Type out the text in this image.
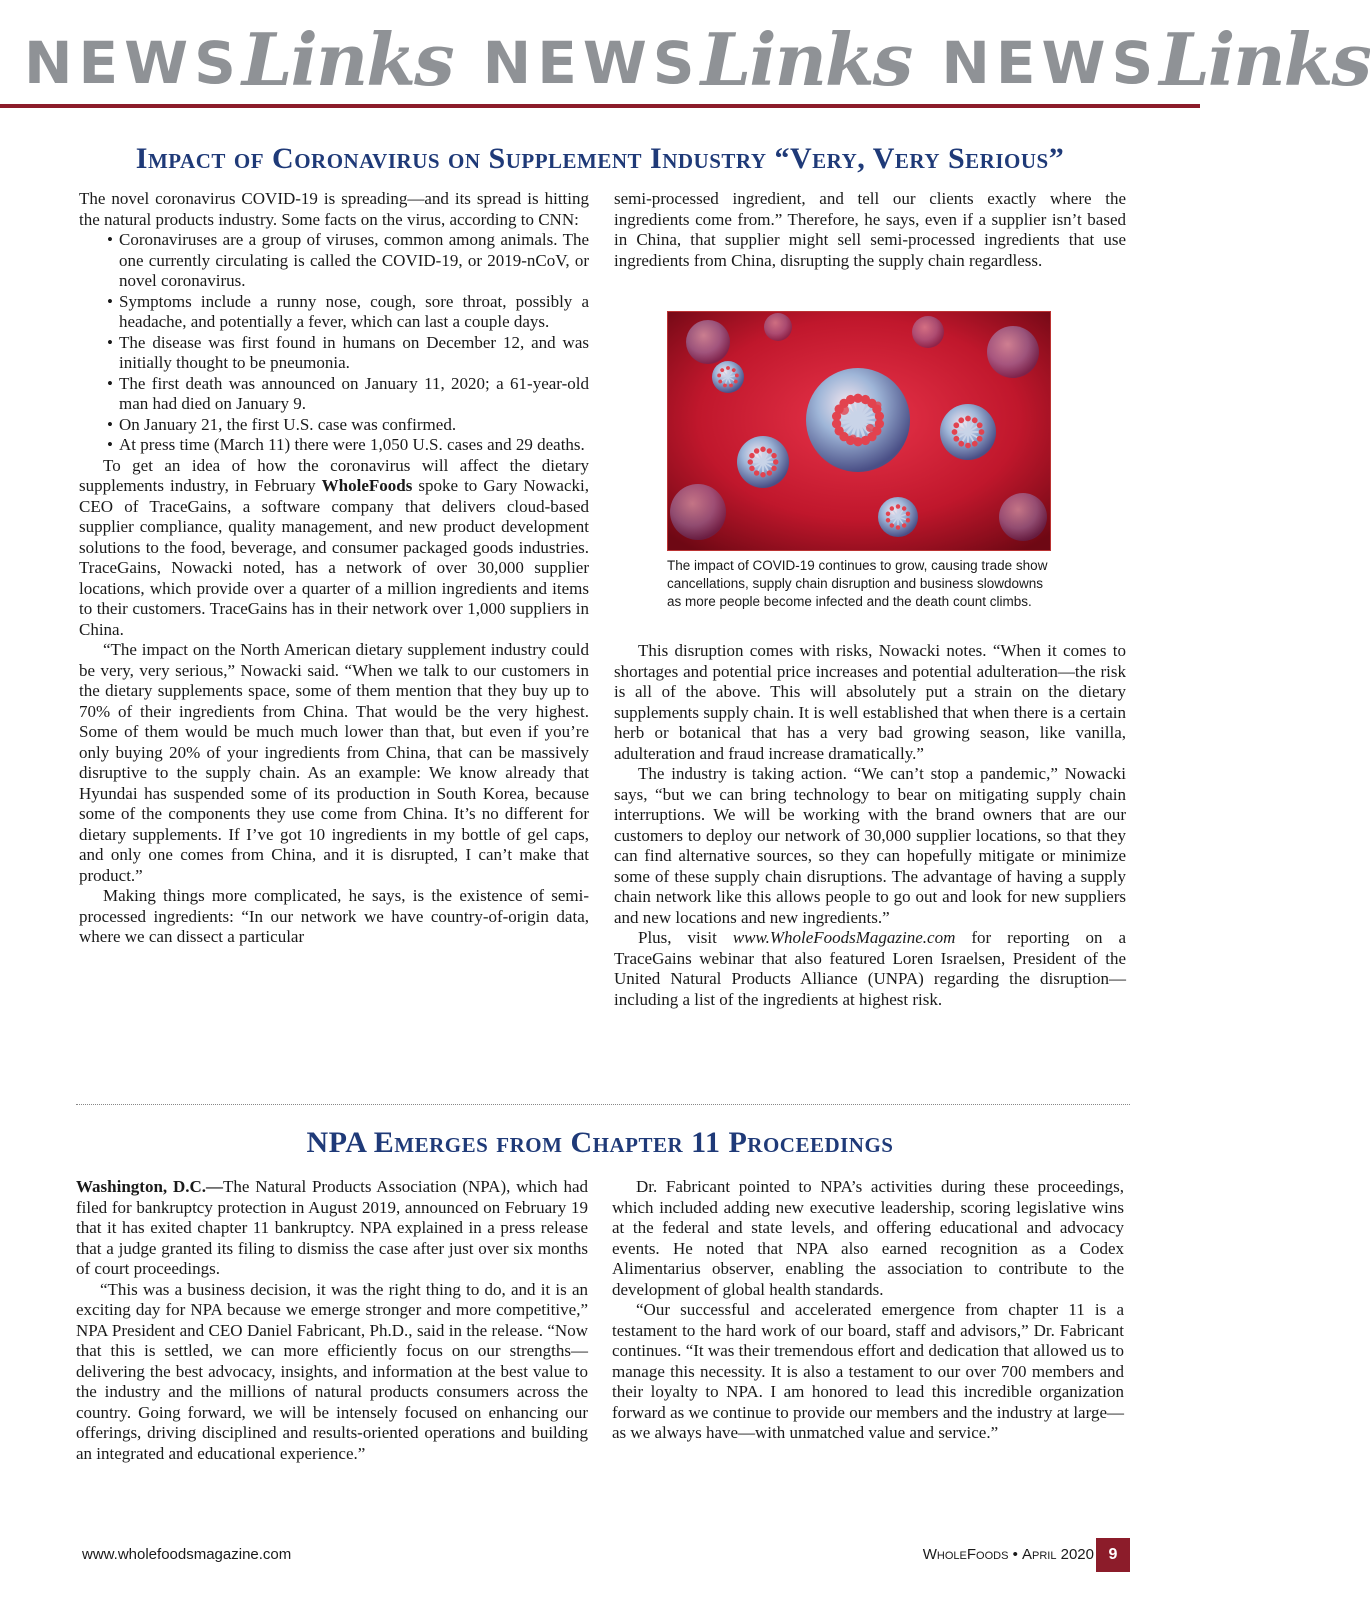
NEWS Links NEWS Links NEWS Links
Impact of Coronavirus on Supplement Industry “Very, Very Serious”

The novel coronavirus COVID-19 is spreading—and its spread is hitting the natural products industry. Some facts on the virus, according to CNN:

• Coronaviruses are a group of viruses, common among animals. The one currently circulating is called the COVID-19, or 2019-nCoV, or novel coronavirus.
• Symptoms include a runny nose, cough, sore throat, possibly a headache, and potentially a fever, which can last a couple days.
• The disease was first found in humans on December 12, and was initially thought to be pneumonia.
• The first death was announced on January 11, 2020; a 61-year-old man had died on January 9.
• On January 21, the first U.S. case was confirmed.
• At press time (March 11) there were 1,050 U.S. cases and 29 deaths.

To get an idea of how the coronavirus will affect the dietary supplements industry, in February WholeFoods spoke to Gary Nowacki, CEO of TraceGains, a software company that delivers cloud-based supplier compliance, quality management, and new product development solutions to the food, beverage, and consumer packaged goods industries. TraceGains, Nowacki noted, has a network of over 30,000 supplier locations, which provide over a quarter of a million ingredients and items to their customers. TraceGains has in their network over 1,000 suppliers in China.

“The impact on the North American dietary supplement industry could be very, very serious,” Nowacki said. “When we talk to our customers in the dietary supplements space, some of them mention that they buy up to 70% of their ingredients from China. That would be the very highest. Some of them would be much much lower than that, but even if you’re only buying 20% of your ingredients from China, that can be massively disruptive to the supply chain. As an example: We know already that Hyundai has suspended some of its production in South Korea, because some of the components they use come from China. It’s no different for dietary supplements. If I’ve got 10 ingredients in my bottle of gel caps, and only one comes from China, and it is disrupted, I can’t make that product.”

Making things more complicated, he says, is the existence of semi-processed ingredients: “In our network we have country-of-origin data, where we can dissect a particular

semi-processed ingredient, and tell our clients exactly where the ingredients come from.” Therefore, he says, even if a supplier isn’t based in China, that supplier might sell semi-processed ingredients that use ingredients from China, disrupting the supply chain regardless.

The impact of COVID-19 continues to grow, causing trade show cancellations, supply chain disruption and business slowdowns as more people become infected and the death count climbs.

This disruption comes with risks, Nowacki notes. “When it comes to shortages and potential price increases and potential adulteration—the risk is all of the above. This will absolutely put a strain on the dietary supplements supply chain. It is well established that when there is a certain herb or botanical that has a very bad growing season, like vanilla, adulteration and fraud increase dramatically.”

The industry is taking action. “We can’t stop a pandemic,” Nowacki says, “but we can bring technology to bear on mitigating supply chain interruptions. We will be working with the brand owners that are our customers to deploy our network of 30,000 supplier locations, so that they can find alternative sources, so they can hopefully mitigate or minimize some of these supply chain disruptions. The advantage of having a supply chain network like this allows people to go out and look for new suppliers and new locations and new ingredients.”

Plus, visit www.WholeFoodsMagazine.com for reporting on a TraceGains webinar that also featured Loren Israelsen, President of the United Natural Products Alliance (UNPA) regarding the disruption—including a list of the ingredients at highest risk.

NPA Emerges from Chapter 11 Proceedings

Washington, D.C.—The Natural Products Association (NPA), which had filed for bankruptcy protection in August 2019, announced on February 19 that it has exited chapter 11 bankruptcy. NPA explained in a press release that a judge granted its filing to dismiss the case after just over six months of court proceedings.

“This was a business decision, it was the right thing to do, and it is an exciting day for NPA because we emerge stronger and more competitive,” NPA President and CEO Daniel Fabricant, Ph.D., said in the release. “Now that this is settled, we can more efficiently focus on our strengths—delivering the best advocacy, insights, and information at the best value to the industry and the millions of natural products consumers across the country. Going forward, we will be intensely focused on enhancing our offerings, driving disciplined and results-oriented operations and building an integrated and educational experience.”

Dr. Fabricant pointed to NPA’s activities during these proceedings, which included adding new executive leadership, scoring legislative wins at the federal and state levels, and offering educational and advocacy events. He noted that NPA also earned recognition as a Codex Alimentarius observer, enabling the association to contribute to the development of global health standards.

“Our successful and accelerated emergence from chapter 11 is a testament to the hard work of our board, staff and advisors,” Dr. Fabricant continues. “It was their tremendous effort and dedication that allowed us to manage this necessity. It is also a testament to our over 700 members and their loyalty to NPA. I am honored to lead this incredible organization forward as we continue to provide our members and the industry at large—as we always have—with unmatched value and service.”

www.wholefoodsmagazine.com	WholeFoods • April 2020 9
